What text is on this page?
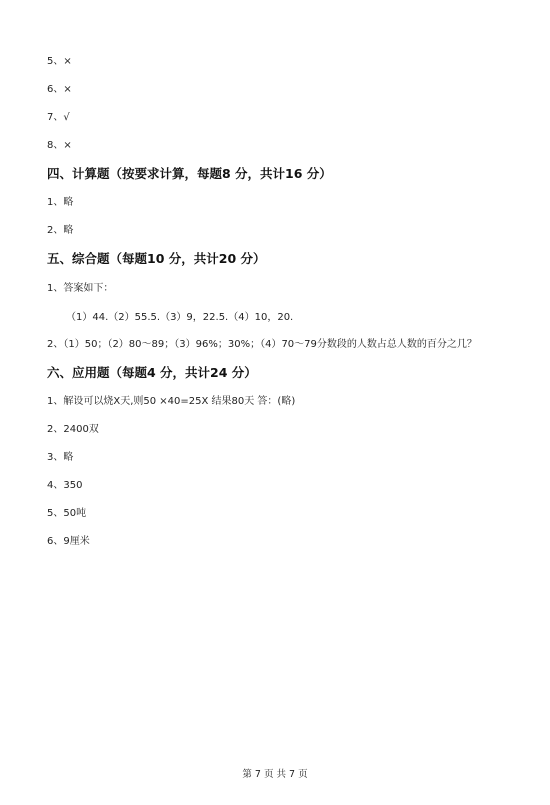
5、×
6、×
7、√
8、×
四、计算题（按要求计算，每题8 分，共计16 分）
1、略
2、略
五、综合题（每题10 分，共计20 分）
1、答案如下：
（1）44.（2）55.5.（3）9，22.5.（4）10，20.
2、（1）50；（2）80～89；（3）96%；30%；（4）70～79分数段的人数占总人数的百分之几？
六、应用题（每题4 分，共计24 分）
1、解设可以烧X天,则50 ×40=25X 结果80天 答：(略)
2、2400双
3、略
4、350
5、50吨
6、9厘米
第 7 页 共 7 页
